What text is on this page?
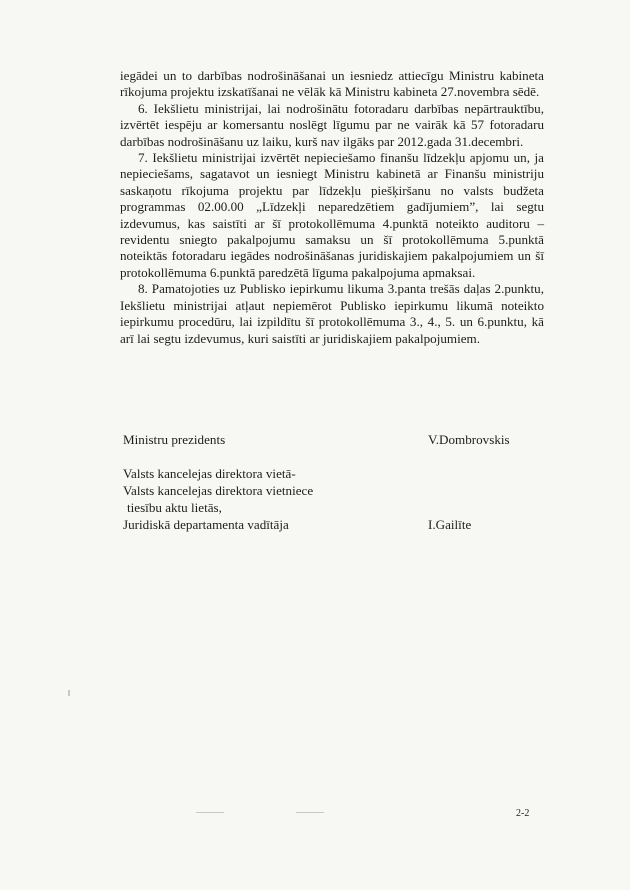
iegādei un to darbības nodrošināšanai un iesniedz attiecīgu Ministru kabineta rīkojuma projektu izskatīšanai ne vēlāk kā Ministru kabineta 27.novembra sēdē.

6. Iekšlietu ministrijai, lai nodrošinātu fotoradaru darbības nepārtrauktību, izvērtēt iespēju ar komersantu noslēgt līgumu par ne vairāk kā 57 fotoradaru darbības nodrošināšanu uz laiku, kurš nav ilgāks par 2012.gada 31.decembri.

7. Iekšlietu ministrijai izvērtēt nepieciešamo finanšu līdzekļu apjomu un, ja nepieciešams, sagatavot un iesniegt Ministru kabinetā ar Finanšu ministriju saskaņotu rīkojuma projektu par līdzekļu piešķiršanu no valsts budžeta programmas 02.00.00 „Līdzekļi neparedzētiem gadījumiem”, lai segtu izdevumus, kas saistīti ar šī protokollēmuma 4.punktā noteikto auditoru – revidentu sniegto pakalpojumu samaksu un šī protokollēmuma 5.punktā noteiktās fotoradaru iegādes nodrošināšanas juridiskajiem pakalpojumiem un šī protokollēmuma 6.punktā paredzētā līguma pakalpojuma apmaksai.

8. Pamatojoties uz Publisko iepirkumu likuma 3.panta trešās daļas 2.punktu, Iekšlietu ministrijai atļaut nepiemērot Publisko iepirkumu likumā noteikto iepirkumu procedūru, lai izpildītu šī protokollēmuma 3., 4., 5. un 6.punktu, kā arī lai segtu izdevumus, kuri saistīti ar juridiskajiem pakalpojumiem.

Ministru prezidents	V.Dombrovskis
Valsts kancelejas direktora vietā-
Valsts kancelejas direktora vietniece
tiesību aktu lietās,
Juridiskā departamenta vadītāja	I.Gailīte
2-2
